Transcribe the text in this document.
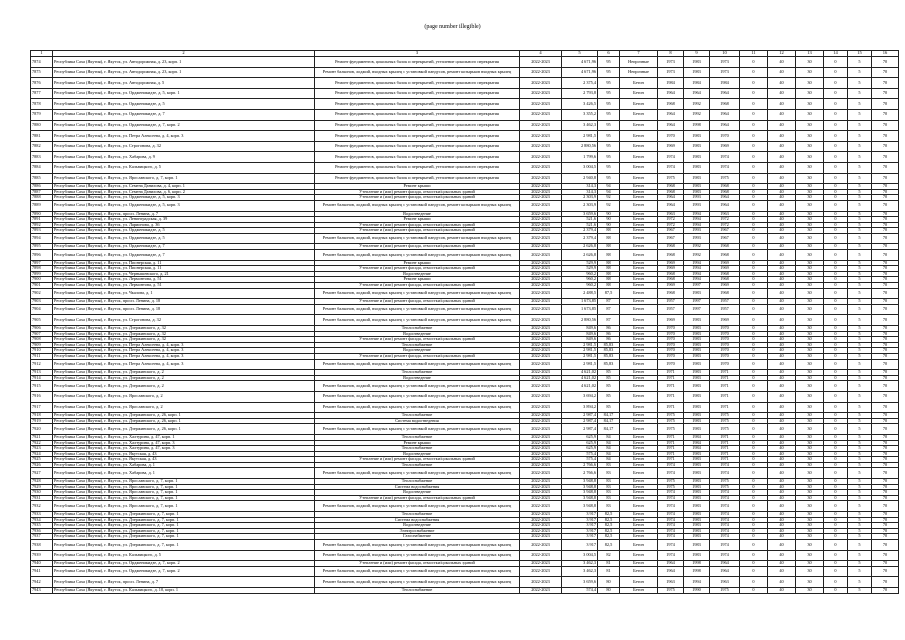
(page number illegible)
1	2	3	4	5	6	7	8	9	10	11	12	13	14	15	16
7874	Республика Саха (Якутия), г. Якутск, ул. Автодорожная, д. 23, корп. 1	Ремонт фундаментов, цокольных балок и перекрытий, утепление цокольного перекрытия	2022-2023	4 671,96	95	Непрочные	1973	1983	1973	0	40	30	0	5	70
7875	Республика Саха (Якутия), г. Якутск, ул. Автодорожная, д. 23, корп. 1	Ремонт балконов, лоджий, входных крылец с установкой пандусов, ремонт козырьков входных крылец	2022-2023	4 671,96	95	Непрочные	1973	1983	1973	0	40	30	0	5	70
7876	Республика Саха (Якутия), г. Якутск, ул. Автодорожная, д. 5	Ремонт фундаментов, цокольных балок и перекрытий, утепление цокольного перекрытия	2022-2023	2 375,4	95	Бетон	1984	1984	1984	0	40	30	0	5	70
7877	Республика Саха (Якутия), г. Якутск, ул. Ордженикидзе, д. 5, корп. 1	Ремонт фундаментов, цокольных балок и перекрытий, утепление цокольного перекрытия	2022-2023	2 793,8	95	Бетон	1964	1964	1964	0	40	30	0	5	70
7878	Республика Саха (Якутия), г. Якутск, ул. Ордженикидзе, д. 5	Ремонт фундаментов, цокольных балок и перекрытий, утепление цокольного перекрытия	2022-2023	3 426,5	95	Бетон	1968	1992	1968	0	40	30	0	5	70
7879	Республика Саха (Якутия), г. Якутск, ул. Ордженикидзе, д. 7	Ремонт фундаментов, цокольных балок и перекрытий, утепление цокольного перекрытия	2022-2023	3 355,2	95	Бетон	1964	1992	1964	0	40	30	0	5	70
7880	Республика Саха (Якутия), г. Якутск, ул. Ордженикидзе, д. 7, корп. 2	Ремонт фундаментов, цокольных балок и перекрытий, утепление цокольного перекрытия	2022-2023	3 462,3	95	Бетон	1964	1998	1964	0	40	30	0	5	70
7881	Республика Саха (Якутия), г. Якутск, ул. Петра Алексеева, д. 4, корп. 3	Ремонт фундаментов, цокольных балок и перекрытий, утепление цокольного перекрытия	2022-2023	2 981,5	95	Бетон	1970	1983	1970	0	40	30	0	5	70
7882	Республика Саха (Якутия), г. Якутск, ул. Строгонова, д. 32	Ремонт фундаментов, цокольных балок и перекрытий, утепление цокольного перекрытия	2022-2023	2 880,56	95	Бетон	1969	1983	1969	0	40	30	0	5	70
7883	Республика Саха (Якутия), г. Якутск, ул. Хабарова, д. 9	Ремонт фундаментов, цокольных балок и перекрытий, утепление цокольного перекрытия	2022-2023	1 799,6	95	Бетон	1974	1983	1974	0	40	30	0	5	70
7884	Республика Саха (Якутия), г. Якутск, ул. Кальвицкого, д. 5	Ремонт фундаментов, цокольных балок и перекрытий, утепление цокольного перекрытия	2022-2023	3 004,5	95	Бетон	1974	1983	1974	0	40	30	0	5	70
7885	Республика Саха (Якутия), г. Якутск, ул. Ярославского, д. 7, корп. 1	Ремонт фундаментов, цокольных балок и перекрытий, утепление цокольного перекрытия	2022-2023	2 940,8	95	Бетон	1975	1983	1975	0	40	30	0	5	70
7886	Республика Саха (Якутия), г. Якутск, ул. Семена Данилова, д. 4, корп. 1	Ремонт крыши	2022-2023	314,3	94	Бетон	1968	1983	1968	0	40	30	0	5	70
7887	Республика Саха (Якутия), г. Якутск, ул. Семена Данилова, д. 6, корп. 2	Утепление и (или) ремонт фасада, отмостки/цокольных зданий	2022-2023	314,3	94	Бетон	1968	1983	1968	0	40	30	0	5	70
7888	Республика Саха (Якутия), г. Якутск, ул. Ордженикидзе, д. 5, корп. 3	Утепление и (или) ремонт фасада, отмостки/цокольных зданий	2022-2023	2 303,9	92	Бетон	1964	1993	1964	0	40	30	0	5	70
7889	Республика Саха (Якутия), г. Якутск, ул. Ордженикидзе, д. 5, корп. 3	Ремонт балконов, лоджий, входных крылец с установкой пандусов, ремонт козырьков входных крылец	2022-2023	2 303,9	92	Бетон	1964	1993	1964	0	40	30	0	5	70
7890	Республика Саха (Якутия), г. Якутск, просп. Ленина, д. 7	Водоотведение	2022-2023	3 659,6	90	Бетон	1963	1994	1963	0	40	30	0	5	70
7891	Республика Саха (Якутия), г. Якутск, ул. Ленинградская, д. 39	Ремонт крыши	2022-2023	521,6	90	Бетон	1972	1994	1972	0	40	30	0	5	70
7892	Республика Саха (Якутия), г. Якутск, ул. Ларионова, д. 36	Утепление и (или) ремонт фасада, отмостки/цокольных зданий	2022-2023	521,6	90	Бетон	1972	1994	1972	0	40	30	0	5	70
7893	Республика Саха (Якутия), г. Якутск, ул. Ордженикидзе, д. 5	Утепление и (или) ремонт фасада, отмостки/цокольных зданий	2022-2023	2 379,4	88	Бетон	1967	1993	1967	0	40	30	0	5	70
7894	Республика Саха (Якутия), г. Якутск, ул. Ордженикидзе, д. 5	Ремонт балконов, лоджий, входных крылец с установкой пандусов, ремонт козырьков входных крылец	2022-2023	2 379,4	88	Бетон	1967	1993	1967	0	40	30	0	5	70
7895	Республика Саха (Якутия), г. Якутск, ул. Ордженикидзе, д. 7	Утепление и (или) ремонт фасада, отмостки/цокольных зданий	2022-2023	2 626,8	88	Бетон	1968	1992	1968	0	40	30	0	5	70
7896	Республика Саха (Якутия), г. Якутск, ул. Ордженикидзе, д. 7	Ремонт балконов, лоджий, входных крылец с установкой пандусов, ремонт козырьков входных крылец	2022-2023	2 626,8	88	Бетон	1968	1992	1968	0	40	30	0	5	70
7897	Республика Саха (Якутия), г. Якутск, ул. Пионерская, д. 11	Ремонт крыши	2022-2023	529,9	88	Бетон	1969	1994	1969	0	40	30	0	5	70
7898	Республика Саха (Якутия), г. Якутск, ул. Пионерская, д. 11	Утепление и (или) ремонт фасада, отмостки/цокольных зданий	2022-2023	529,9	88	Бетон	1969	1994	1969	0	40	30	0	5	70
7899	Республика Саха (Якутия), г. Якутск, ул. Чернышевского, д. 21	Водоотведение	2022-2023	960,2	88	Бетон	1968	1994	1968	0	40	30	0	5	70
7900	Республика Саха (Якутия), г. Якутск, ул. Лермонтова, д. 51	Ремонт крыши	2022-2023	960,2	88	Бетон	1968	1994	1968	0	40	30	0	5	70
7901	Республика Саха (Якутия), г. Якутск, ул. Лермонтова, д. 51	Утепление и (или) ремонт фасада, отмостки/цокольных зданий	2022-2023	960,2	88	Бетон	1969	1997	1969	0	40	30	0	5	70
7902	Республика Саха (Якутия), г. Якутск, ул. Чкалова, д. 1	Ремонт балконов, лоджий, входных крылец с установкой пандусов, ремонт козырьков входных крылец	2022-2023	2 488,5	87,5	Бетон	1968	1983	1968	0	40	30	0	5	70
7903	Республика Саха (Якутия), г. Якутск, просп. Ленина, д. 18	Утепление и (или) ремонт фасада, отмостки/цокольных зданий	2022-2023	1 673,85	87	Бетон	1957	1997	1957	0	40	30	0	5	70
7904	Республика Саха (Якутия), г. Якутск, просп. Ленина, д. 18	Ремонт балконов, лоджий, входных крылец с установкой пандусов, ремонт козырьков входных крылец	2022-2023	1 673,85	87	Бетон	1957	1997	1957	0	40	30	0	5	70
7905	Республика Саха (Якутия), г. Якутск, ул. Строгонова, д. 32	Ремонт балконов, лоджий, входных крылец с установкой пандусов, ремонт козырьков входных крылец	2022-2023	2 880,56	87	Бетон	1969	1983	1969	0	40	30	0	5	70
7906	Республика Саха (Якутия), г. Якутск, ул. Дзержинского, д. 32	Теплоснабжение	2022-2023	849,6	86	Бетон	1970	1983	1970	0	40	30	0	5	70
7907	Республика Саха (Якутия), г. Якутск, ул. Дзержинского, д. 32	Водоотведение	2022-2023	849,6	86	Бетон	1970	1983	1970	0	40	30	0	5	70
7908	Республика Саха (Якутия), г. Якутск, ул. Дзержинского, д. 32	Утепление и (или) ремонт фасада, отмостки/цокольных зданий	2022-2023	849,6	86	Бетон	1970	1983	1970	0	40	30	0	5	70
7909	Республика Саха (Якутия), г. Якутск, ул. Петра Алексеева, д. 4, корп. 3	Теплоснабжение	2022-2023	2 981,5	85,83	Бетон	1970	1983	1970	0	40	30	0	5	70
7910	Республика Саха (Якутия), г. Якутск, ул. Петра Алексеева, д. 4, корп. 3	Водоотведение	2022-2023	2 981,5	85,83	Бетон	1970	1983	1970	0	40	30	0	5	70
7911	Республика Саха (Якутия), г. Якутск, ул. Петра Алексеева, д. 4, корп. 3	Утепление и (или) ремонт фасада, отмостки/цокольных зданий	2022-2023	2 981,5	85,83	Бетон	1970	1983	1970	0	40	30	0	5	70
7912	Республика Саха (Якутия), г. Якутск, ул. Петра Алексеева, д. 4, корп. 3	Ремонт балконов, лоджий, входных крылец с установкой пандусов, ремонт козырьков входных крылец	2022-2023	2 981,5	85,83	Бетон	1970	1983	1970	0	40	30	0	5	70
7913	Республика Саха (Якутия), г. Якутск, ул. Дзержинского, д. 2	Теплоснабжение	2022-2023	4 621,02	85	Бетон	1971	1983	1971	0	40	30	0	5	70
7914	Республика Саха (Якутия), г. Якутск, ул. Дзержинского, д. 2	Водоотведение	2022-2023	4 621,02	85	Бетон	1971	1983	1971	0	40	30	0	5	70
7915	Республика Саха (Якутия), г. Якутск, ул. Дзержинского, д. 2	Ремонт балконов, лоджий, входных крылец с установкой пандусов, ремонт козырьков входных крылец	2022-2023	4 621,02	85	Бетон	1971	1983	1971	0	40	30	0	5	70
7916	Республика Саха (Якутия), г. Якутск, ул. Ярославского, д. 2	Ремонт балконов, лоджий, входных крылец с установкой пандусов, ремонт козырьков входных крылец	2022-2023	3 694,2	85	Бетон	1971	1983	1971	0	40	30	0	5	70
7917	Республика Саха (Якутия), г. Якутск, ул. Ярославского, д. 2	Ремонт балконов, лоджий, входных крылец с установкой пандусов, ремонт козырьков входных крылец	2022-2023	3 894,2	85	Бетон	1971	1983	1971	0	40	30	0	5	70
7918	Республика Саха (Якутия), г. Якутск, ул. Дзержинского, д. 26, корп. 1	Теплоснабжение	2022-2023	2 987,4	84,17	Бетон	1975	1983	1975	0	40	30	0	5	70
7919	Республика Саха (Якутия), г. Якутск, ул. Дзержинского, д. 26, корп. 1	Система водоотведения	2022-2023	2 987,4	84,17	Бетон	1975	1983	1975	0	40	30	0	5	70
7920	Республика Саха (Якутия), г. Якутск, ул. Дзержинского, д. 26, корп. 1	Ремонт балконов, лоджий, входных крылец с установкой пандусов, ремонт козырьков входных крылец	2022-2023	2 987,4	84,17	Бетон	1975	1983	1975	0	40	30	0	5	70
7921	Республика Саха (Якутия), г. Якутск, ул. Халтурина, д. 47, корп. 1	Теплоснабжение	2022-2023	625,9	84	Бетон	1971	1984	1971	0	40	30	0	5	70
7922	Республика Саха (Якутия), г. Якутск, ул. Халтурина, д. 47, корп. 3	Ремонт крыши	2022-2023	625,9	84	Бетон	1971	1984	1971	0	40	30	0	5	70
7923	Республика Саха (Якутия), г. Якутск, ул. Халтурина, д. 47, корп. 3	Теплоснабжение	2022-2023	625,9	84	Бетон	1971	1984	1971	0	40	30	0	5	70
7924	Республика Саха (Якутия), г. Якутск, ул. Якутская, д. 43	Водоотведение	2022-2023	575,4	84	Бетон	1971	1983	1971	0	40	30	0	5	70
7925	Республика Саха (Якутия), г. Якутск, ул. Якутская, д. 43	Утепление и (или) ремонт фасада, отмостки/цокольных зданий	2022-2023	575,4	84	Бетон	1971	1983	1971	0	40	30	0	5	70
7926	Республика Саха (Якутия), г. Якутск, ул. Хабарова, д. 1	Теплоснабжение	2022-2023	2 766,6	83	Бетон	1974	1983	1974	0	40	30	0	5	70
7927	Республика Саха (Якутия), г. Якутск, ул. Хабарова, д. 1	Ремонт балконов, лоджий, входных крылец с установкой пандусов, ремонт козырьков входных крылец	2022-2023	2 766,6	83	Бетон	1974	1983	1974	0	40	30	0	5	70
7928	Республика Саха (Якутия), г. Якутск, ул. Ярославского, д. 7, корп. 1	Теплоснабжение	2022-2023	3 948,8	83	Бетон	1975	1983	1975	0	40	30	0	5	70
7929	Республика Саха (Якутия), г. Якутск, ул. Ярославского, д. 7, корп. 1	Система водоснабжения	2022-2023	3 948,8	83	Бетон	1975	1983	1975	0	40	30	0	5	70
7930	Республика Саха (Якутия), г. Якутск, ул. Ярославского, д. 7, корп. 1	Водоотведение	2022-2023	3 948,8	83	Бетон	1974	1983	1974	0	40	30	0	5	70
7931	Республика Саха (Якутия), г. Якутск, ул. Ярославского, д. 7, корп. 1	Утепление и (или) ремонт фасада, отмостки/цокольных зданий	2022-2023	3 948,8	83	Бетон	1974	1983	1974	0	40	30	0	5	70
7932	Республика Саха (Якутия), г. Якутск, ул. Ярославского, д. 7, корп. 1	Ремонт балконов, лоджий, входных крылец с установкой пандусов, ремонт козырьков входных крылец	2022-2023	3 948,8	83	Бетон	1974	1983	1974	0	40	30	0	5	70
7933	Республика Саха (Якутия), г. Якутск, ул. Дзержинского, д. 7, корп. 1	Теплоснабжение	2022-2023	3 917	82,5	Бетон	1974	1983	1974	0	40	30	0	5	70
7934	Республика Саха (Якутия), г. Якутск, ул. Дзержинского, д. 7, корп. 1	Система водоснабжения	2022-2023	3 917	82,5	Бетон	1974	1983	1974	0	40	30	0	5	70
7935	Республика Саха (Якутия), г. Якутск, ул. Дзержинского, д. 7, корп. 1	Водоотведение	2022-2023	3 917	82,5	Бетон	1974	1983	1974	0	40	30	0	5	70
7936	Республика Саха (Якутия), г. Якутск, ул. Дзержинского, д. 7, корп. 1	Электроснабжение	2022-2023	3 917	82,5	Бетон	1974	1983	1974	0	40	30	0	5	70
7937	Республика Саха (Якутия), г. Якутск, ул. Дзержинского, д. 7, корп. 1	Газоснабжение	2022-2023	3 917	82,5	Бетон	1974	1983	1974	0	40	30	0	5	70
7938	Республика Саха (Якутия), г. Якутск, ул. Дзержинского, д. 7, корп. 1	Ремонт балконов, лоджий, входных крылец с установкой пандусов, ремонт козырьков входных крылец	2022-2023	3 917	82,5	Бетон	1974	1983	1974	0	40	30	0	5	70
7939	Республика Саха (Якутия), г. Якутск, ул. Кальвицкого, д. 5	Ремонт балконов, лоджий, входных крылец с установкой пандусов, ремонт козырьков входных крылец	2022-2023	3 004,5	82	Бетон	1974	1983	1974	0	40	30	0	5	70
7940	Республика Саха (Якутия), г. Якутск, ул. Ордженикидзе, д. 7, корп. 2	Утепление и (или) ремонт фасада, отмостки/цокольных зданий	2022-2023	3 462,3	81	Бетон	1964	1998	1964	0	40	30	0	5	70
7941	Республика Саха (Якутия), г. Якутск, ул. Ордженикидзе, д. 7, корп. 2	Ремонт балконов, лоджий, входных крылец с установкой пандусов, ремонт козырьков входных крылец	2022-2023	3 462,3	81	Бетон	1964	1998	1964	0	40	30	0	5	70
7942	Республика Саха (Якутия), г. Якутск, просп. Ленина, д. 7	Ремонт балконов, лоджий, входных крылец с установкой пандусов, ремонт козырьков входных крылец	2022-2023	3 659,6	80	Бетон	1963	1994	1963	0	40	30	0	5	70
7943	Республика Саха (Якутия), г. Якутск, ул. Кальвицкого, д. 10, корп. 1	Теплоснабжение	2022-2023	574,4	80	Бетон	1975	1990	1975	0	40	30	0	5	70
